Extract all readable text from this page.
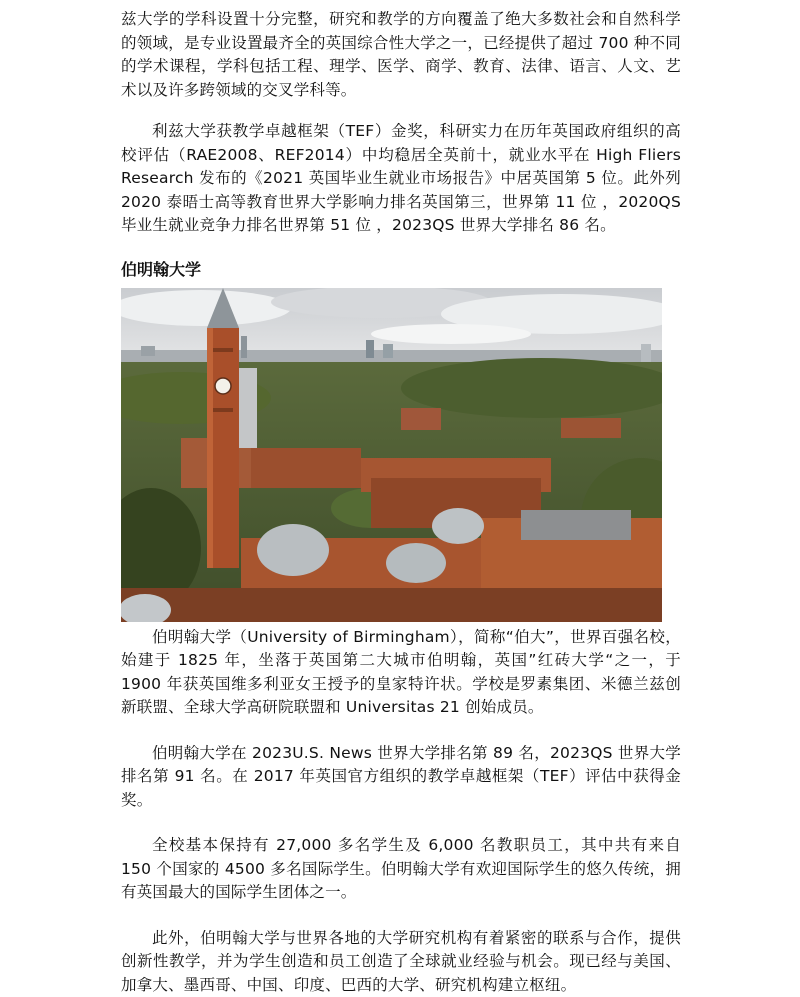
兹大学的学科设置十分完整，研究和教学的方向覆盖了绝大多数社会和自然科学的领域，是专业设置最齐全的英国综合性大学之一，已经提供了超过 700 种不同的学术课程，学科包括工程、理学、医学、商学、教育、法律、语言、人文、艺术以及许多跨领域的交叉学科等。

利兹大学获教学卓越框架（TEF）金奖，科研实力在历年英国政府组织的高校评估（RAE2008、REF2014）中均稳居全英前十，就业水平在 High Fliers Research 发布的《2021 英国毕业生就业市场报告》中居英国第 5 位。此外列 2020 泰晤士高等教育世界大学影响力排名英国第三，世界第 11 位 ，2020QS 毕业生就业竞争力排名世界第 51 位 ，2023QS 世界大学排名 86 名。

伯明翰大学

伯明翰大学（University of Birmingham），简称“伯大”，世界百强名校，始建于 1825 年，坐落于英国第二大城市伯明翰，英国”红砖大学“之一，于 1900 年获英国维多利亚女王授予的皇家特许状。学校是罗素集团、米德兰兹创新联盟、全球大学高研院联盟和 Universitas 21 创始成员。

伯明翰大学在 2023U.S. News 世界大学排名第 89 名，2023QS 世界大学排名第 91 名。在 2017 年英国官方组织的教学卓越框架（TEF）评估中获得金奖。

全校基本保持有 27,000 多名学生及 6,000 名教职员工，其中共有来自 150 个国家的 4500 多名国际学生。伯明翰大学有欢迎国际学生的悠久传统，拥有英国最大的国际学生团体之一。

此外，伯明翰大学与世界各地的大学研究机构有着紧密的联系与合作，提供创新性教学，并为学生创造和员工创造了全球就业经验与机会。现已经与美国、加拿大、墨西哥、中国、印度、巴西的大学、研究机构建立枢纽。
